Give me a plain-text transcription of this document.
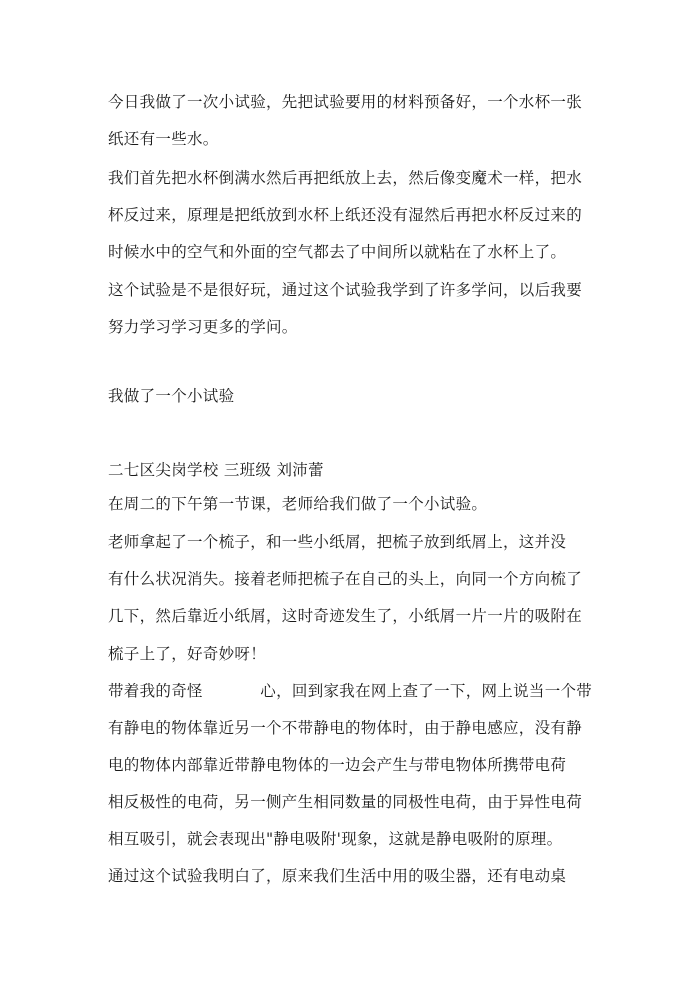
今日我做了一次小试验，先把试验要用的材料预备好，一个水杯一张
纸还有一些水。
我们首先把水杯倒满水然后再把纸放上去，然后像变魔术一样，把水
杯反过来，原理是把纸放到水杯上纸还没有湿然后再把水杯反过来的
时候水中的空气和外面的空气都去了中间所以就粘在了水杯上了。
这个试验是不是很好玩，通过这个试验我学到了许多学问，以后我要
努力学习学习更多的学问。
我做了一个小试验
二七区尖岗学校 三班级 刘沛蕾
在周二的下午第一节课，老师给我们做了一个小试验。
老师拿起了一个梳子，和一些小纸屑，把梳子放到纸屑上，这并没
有什么状况消失。接着老师把梳子在自己的头上，向同一个方向梳了
几下，然后靠近小纸屑，这时奇迹发生了，小纸屑一片一片的吸附在
梳子上了，好奇妙呀！
带着我的奇怪           心，回到家我在网上查了一下，网上说当一个带
有静电的物体靠近另一个不带静电的物体时，由于静电感应，没有静
电的物体内部靠近带静电物体的一边会产生与带电物体所携带电荷
相反极性的电荷，另一侧产生相同数量的同极性电荷，由于异性电荷
相互吸引，就会表现出"静电吸附'现象，这就是静电吸附的原理。
通过这个试验我明白了，原来我们生活中用的吸尘器，还有电动桌
